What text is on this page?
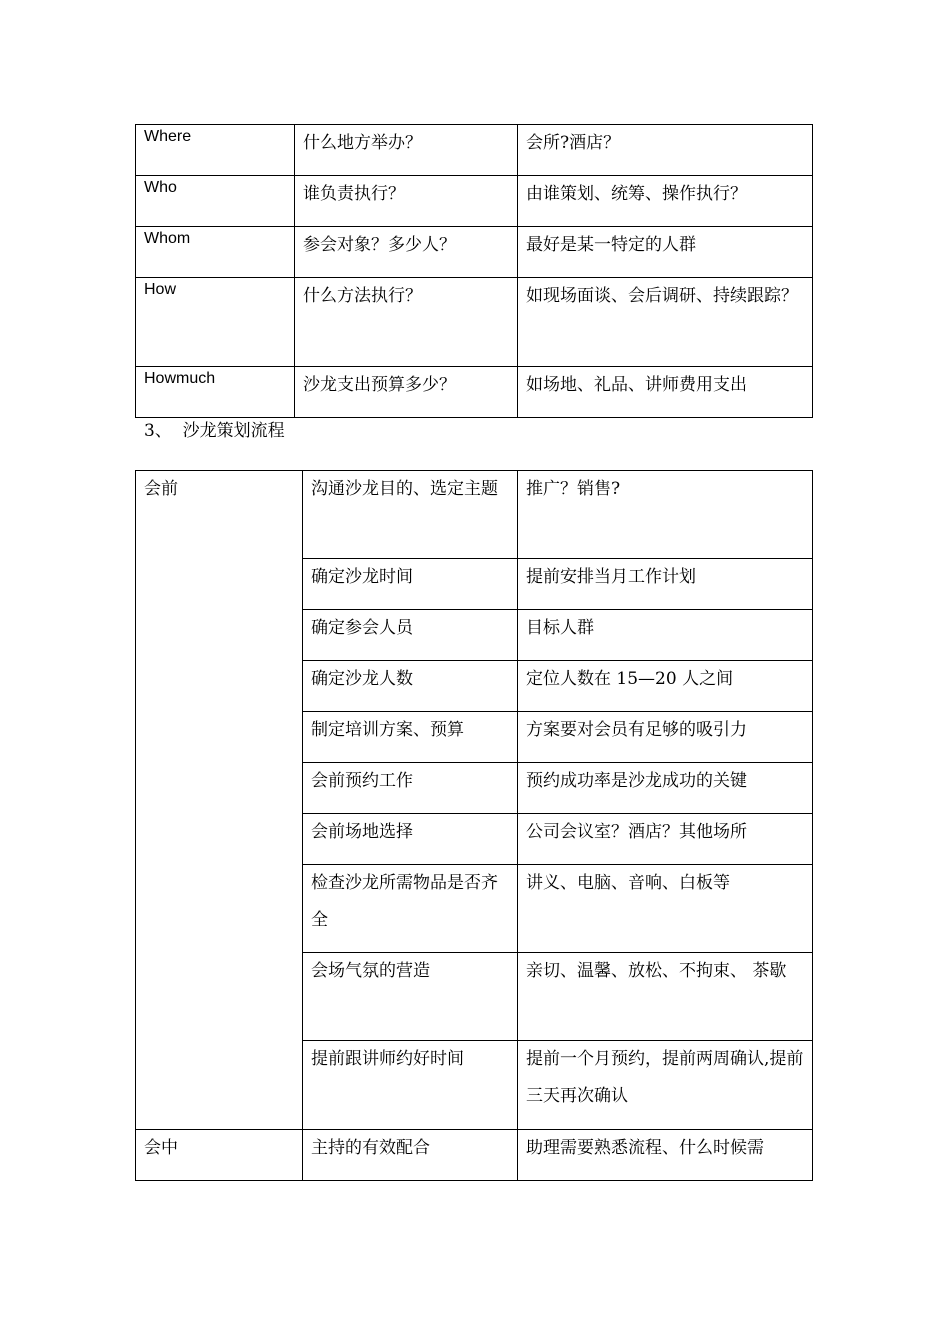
Where	什么地方举办？	会所?酒店？

Who	谁负责执行？	由谁策划、统筹、操作执行？

Whom	参会对象？多少人？	最好是某一特定的人群

How	什么方法执行？	如现场面谈、会后调研、持续跟踪？

Howmuch	沙龙支出预算多少？	如场地、礼品、讲师费用支出
3、 沙龙策划流程
会前	沟通沙龙目的、选定主题	推广？销售?

	确定沙龙时间	提前安排当月工作计划

	确定参会人员	目标人群

	确定沙龙人数	定位人数在 15—20 人之间

	制定培训方案、预算	方案要对会员有足够的吸引力

	会前预约工作	预约成功率是沙龙成功的关键

	会前场地选择	公司会议室？酒店？其他场所

	检查沙龙所需物品是否齐全	讲义、电脑、音响、白板等

	会场气氛的营造	亲切、温馨、放松、不拘束、 茶歇

	提前跟讲师约好时间	提前一个月预约，提前两周确认,提前三天再次确认

会中	主持的有效配合	助理需要熟悉流程、什么时候需
